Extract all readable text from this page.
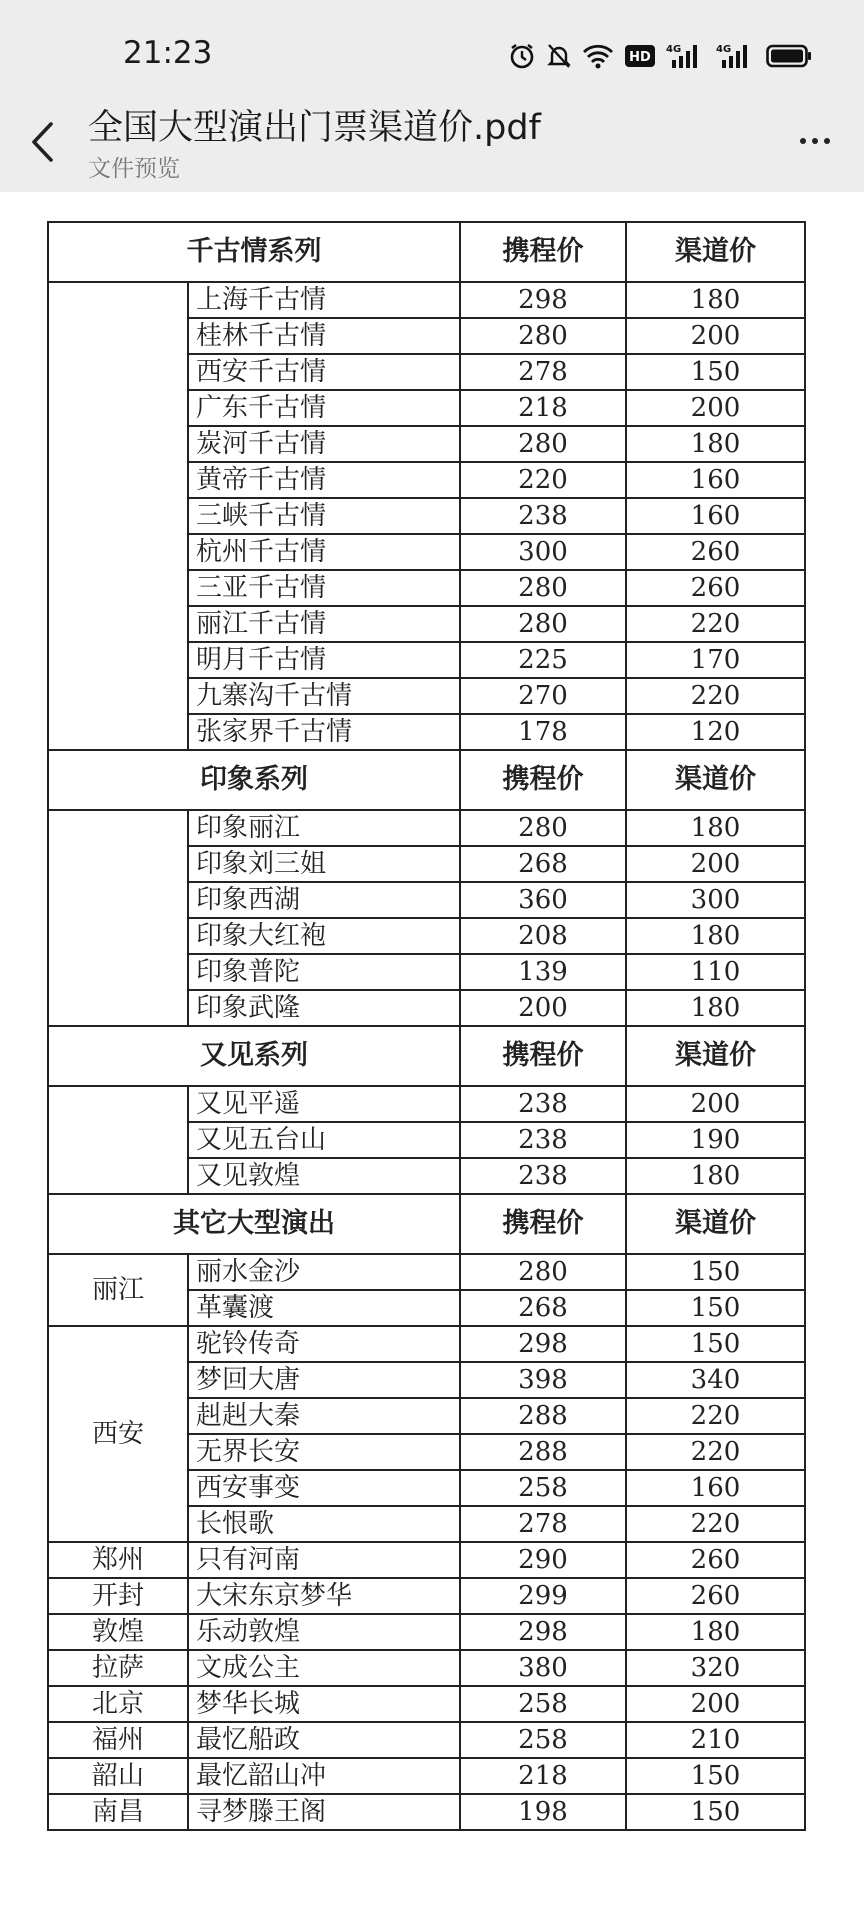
21:23	HD
4G	4G
全国大型演出门票渠道价.pdf
文件预览
千古情系列		携程价	渠道价
	上海千古情	298	180
	桂林千古情	280	200
	西安千古情	278	150
	广东千古情	218	200
	炭河千古情	280	180
	黄帝千古情	220	160
	三峡千古情	238	160
	杭州千古情	300	260
	三亚千古情	280	260
	丽江千古情	280	220
	明月千古情	225	170
	九寨沟千古情	270	220
	张家界千古情	178	120
印象系列		携程价	渠道价
	印象丽江	280	180
	印象刘三姐	268	200
	印象西湖	360	300
	印象大红袍	208	180
	印象普陀	139	110
	印象武隆	200	180
又见系列		携程价	渠道价
	又见平遥	238	200
	又见五台山	238	190
	又见敦煌	238	180
其它大型演出		携程价	渠道价
丽江	丽水金沙	280	150
	革囊渡	268	150
西安	驼铃传奇	298	150
	梦回大唐	398	340
	赳赳大秦	288	220
	无界长安	288	220
	西安事变	258	160
	长恨歌	278	220
郑州	只有河南	290	260
开封	大宋东京梦华	299	260
敦煌	乐动敦煌	298	180
拉萨	文成公主	380	320
北京	梦华长城	258	200
福州	最忆船政	258	210
韶山	最忆韶山冲	218	150
南昌	寻梦滕王阁	198	150
